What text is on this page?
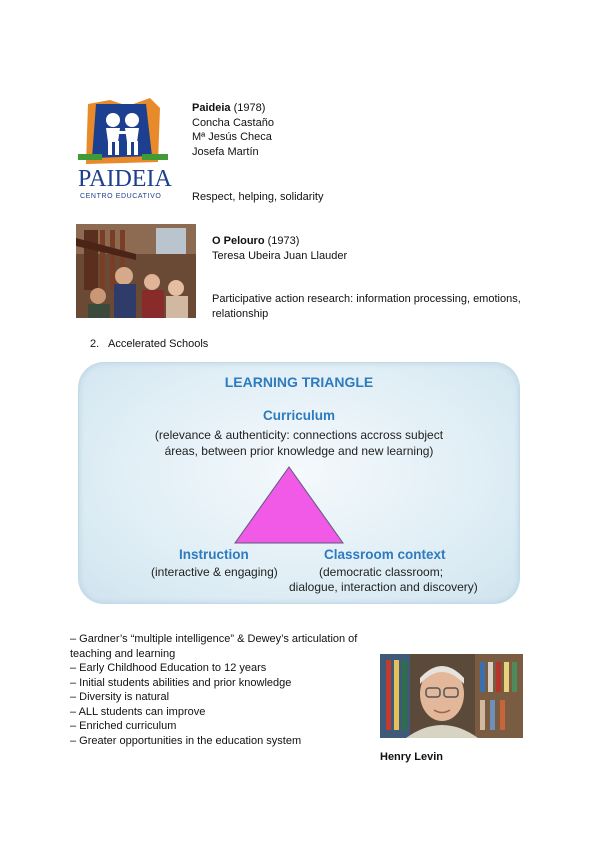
PAIDEIA
CENTRO EDUCATIVO
Paideia (1978)
Concha Castaño
Mª Jesús Checa
Josefa Martín
Respect, helping, solidarity
O Pelouro (1973)
Teresa Ubeira Juan Llauder
Participative action research: information processing, emotions, relationship
2. Accelerated Schools
LEARNING TRIANGLE
Curriculum
(relevance & authenticity: connections accross subject
áreas, between prior knowledge and new learning)
Instruction
(interactive & engaging)
Classroom context
(democratic classroom;
dialogue, interaction and discovery)
– Gardner’s “multiple intelligence” & Dewey’s articulation of
teaching and learning
– Early Childhood Education to 12 years
– Initial students abilities and prior knowledge
– Diversity is natural
– ALL students can improve
– Enriched curriculum
– Greater opportunities in the education system
Henry Levin
